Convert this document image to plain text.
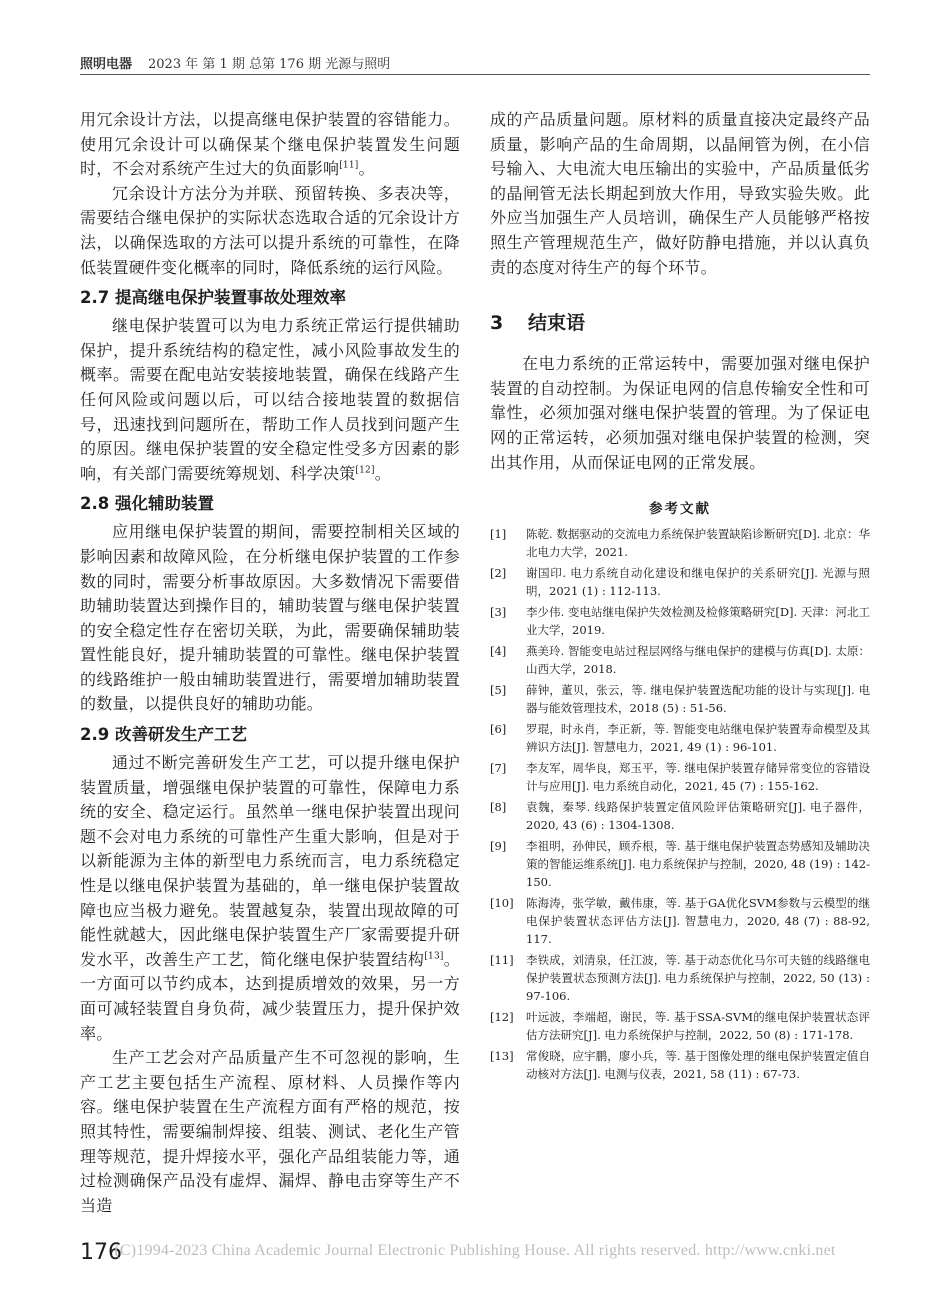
照明电器 2023 年 第 1 期 总第 176 期 光源与照明

用冗余设计方法，以提高继电保护装置的容错能力。使用冗余设计可以确保某个继电保护装置发生问题时，不会对系统产生过大的负面影响[11]。

冗余设计方法分为并联、预留转换、多表决等，需要结合继电保护的实际状态选取合适的冗余设计方法，以确保选取的方法可以提升系统的可靠性，在降低装置硬件变化概率的同时，降低系统的运行风险。

2.7 提高继电保护装置事故处理效率

继电保护装置可以为电力系统正常运行提供辅助保护，提升系统结构的稳定性，减小风险事故发生的概率。需要在配电站安装接地装置，确保在线路产生任何风险或问题以后，可以结合接地装置的数据信号，迅速找到问题所在，帮助工作人员找到问题产生的原因。继电保护装置的安全稳定性受多方因素的影响，有关部门需要统筹规划、科学决策[12]。

2.8 强化辅助装置

应用继电保护装置的期间，需要控制相关区域的影响因素和故障风险，在分析继电保护装置的工作参数的同时，需要分析事故原因。大多数情况下需要借助辅助装置达到操作目的，辅助装置与继电保护装置的安全稳定性存在密切关联，为此，需要确保辅助装置性能良好，提升辅助装置的可靠性。继电保护装置的线路维护一般由辅助装置进行，需要增加辅助装置的数量，以提供良好的辅助功能。

2.9 改善研发生产工艺

通过不断完善研发生产工艺，可以提升继电保护装置质量，增强继电保护装置的可靠性，保障电力系统的安全、稳定运行。虽然单一继电保护装置出现问题不会对电力系统的可靠性产生重大影响，但是对于以新能源为主体的新型电力系统而言，电力系统稳定性是以继电保护装置为基础的，单一继电保护装置故障也应当极力避免。装置越复杂，装置出现故障的可能性就越大，因此继电保护装置生产厂家需要提升研发水平，改善生产工艺，简化继电保护装置结构[13]。一方面可以节约成本，达到提质增效的效果，另一方面可减轻装置自身负荷，减少装置压力，提升保护效率。

生产工艺会对产品质量产生不可忽视的影响，生产工艺主要包括生产流程、原材料、人员操作等内容。继电保护装置在生产流程方面有严格的规范，按照其特性，需要编制焊接、组装、测试、老化生产管理等规范，提升焊接水平，强化产品组装能力等，通过检测确保产品没有虚焊、漏焊、静电击穿等生产不当造

成的产品质量问题。原材料的质量直接决定最终产品质量，影响产品的生命周期，以晶闸管为例，在小信号输入、大电流大电压输出的实验中，产品质量低劣的晶闸管无法长期起到放大作用，导致实验失败。此外应当加强生产人员培训，确保生产人员能够严格按照生产管理规范生产，做好防静电措施，并以认真负责的态度对待生产的每个环节。

3 结束语

在电力系统的正常运转中，需要加强对继电保护装置的自动控制。为保证电网的信息传输安全性和可靠性，必须加强对继电保护装置的管理。为了保证电网的正常运转，必须加强对继电保护装置的检测，突出其作用，从而保证电网的正常发展。

参考文献
[1] 陈乾. 数据驱动的交流电力系统保护装置缺陷诊断研究[D]. 北京：华北电力大学，2021.
[2] 谢国印. 电力系统自动化建设和继电保护的关系研究[J]. 光源与照明，2021 (1) : 112-113.
[3] 李少伟. 变电站继电保护失效检测及检修策略研究[D]. 天津：河北工业大学，2019.
[4] 燕美玲. 智能变电站过程层网络与继电保护的建模与仿真[D]. 太原：山西大学，2018.
[5] 薛钟，董贝，张云，等. 继电保护装置选配功能的设计与实现[J]. 电器与能效管理技术，2018 (5) : 51-56.
[6] 罗琨，时永肖，李正新，等. 智能变电站继电保护装置寿命模型及其辨识方法[J]. 智慧电力，2021, 49 (1) : 96-101.
[7] 李友军，周华良，郑玉平，等. 继电保护装置存储异常变位的容错设计与应用[J]. 电力系统自动化，2021, 45 (7) : 155-162.
[8] 袁魏，秦琴. 线路保护装置定值风险评估策略研究[J]. 电子器件，2020, 43 (6) : 1304-1308.
[9] 李祖明，孙伸民，顾乔根，等. 基于继电保护装置态势感知及辅助决策的智能运维系统[J]. 电力系统保护与控制，2020, 48 (19) : 142-150.
[10] 陈海涛，张学敏，戴伟康，等. 基于GA优化SVM参数与云模型的继电保护装置状态评估方法[J]. 智慧电力，2020, 48 (7) : 88-92, 117.
[11] 李铁成，刘清泉，任江波，等. 基于动态优化马尔可夫链的线路继电保护装置状态预测方法[J]. 电力系统保护与控制，2022, 50 (13) : 97-106.
[12] 叶远波，李端超，谢民，等. 基于SSA-SVM的继电保护装置状态评估方法研究[J]. 电力系统保护与控制，2022, 50 (8) : 171-178.
[13] 常俊晓，应宇鹏，廖小兵，等. 基于图像处理的继电保护装置定值自动核对方法[J]. 电测与仪表，2021, 58 (11) : 67-73.
176
(C)1994-2023 China Academic Journal Electronic Publishing House. All rights reserved. http://www.cnki.net
